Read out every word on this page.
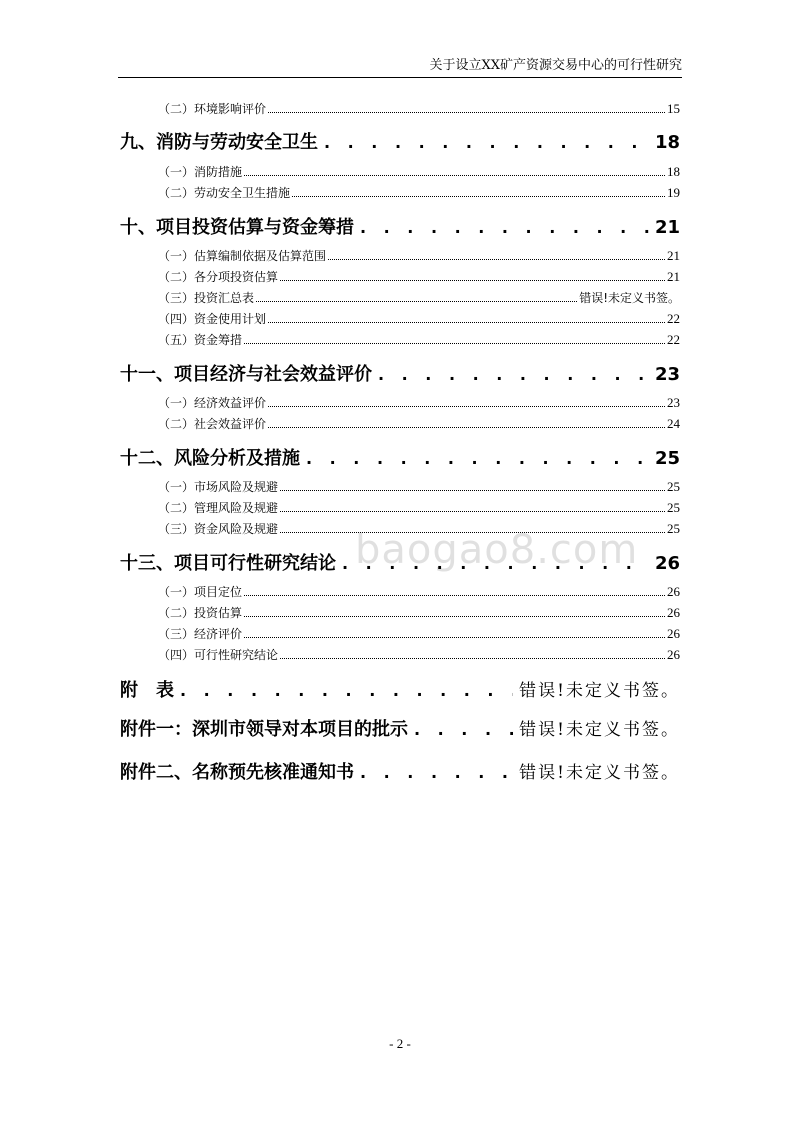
关于设立XX矿产资源交易中心的可行性研究
（二）环境影响评价	15
九、消防与劳动安全卫生 . . .	18
（一）消防措施	18
（二）劳动安全卫生措施	19
十、项目投资估算与资金筹措 . . .	21
（一）估算编制依据及估算范围	21
（二）各分项投资估算	21
（三）投资汇总表	错误!未定义书签。
（四）资金使用计划	22
（五）资金筹措	22
十一、项目经济与社会效益评价 . . .	23
（一）经济效益评价	23
（二）社会效益评价	24
十二、风险分析及措施 . . .	25
（一）市场风险及规避	25
（二）管理风险及规避	25
（三）资金风险及规避	25
十三、项目可行性研究结论 . . .	26
（一）项目定位	26
（二）投资估算	26
（三）经济评价	26
（四）可行性研究结论	26
附　表 . . .	错误!未定义书签。
附件一：深圳市领导对本项目的批示 . . .	错误!未定义书签。
附件二、名称预先核准通知书 . . .	错误!未定义书签。
baogao8.com
- 2 -
